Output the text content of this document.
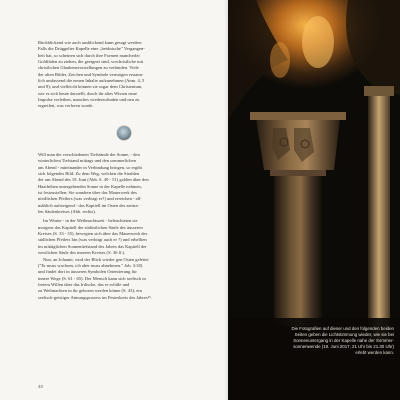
Rückblickend wie auch ausblickend kann gesagt werden:

Falls die Drüggelter Kapelle eine „heidnische" Vergangen-

heit hat, so scheinen sich durch ihre Formen mancherlei

Goldfäden zu ziehen, die geeignet sind, vorchristliche mit

christlichen Glaubensvorstellungen zu verbinden. Viele

der alten Bilder, Zeichen und Symbole vermögen erstaun-

lich umfassend die neuen Inhalte aufzunehmen (Anm. 4, 5

und 8); und vielleicht können sie sogar dem Christentum,

wie es sich heute darstellt, durch ihr altes Wissen neue

Impulse verleihen, manches wiederzufinden und neu zu

ergreifen, was verloren wurde.

Will man die verschiedenen Tiefstände der Sonne, - den

winterlichen Tiefstand mittags und den sommerlichen

am Abend - miteinander in Verbindung bringen, so ergibt

sich folgendes Bild: Zu dem Weg, welchen die Strahlen

der am Abend des 19. Juni (Abb. S. 49 - 51) golden über den

Haarhöhen untergehenden Sonne in der Kapelle nehmen,

ist festzustellen: Sie wandern über das Mauerwerk des

nördlichen Pfeilers (was verbirgt er?) und erreichen - all-

mählich aufsteigend - das Kapitell im Osten des zentra-

len Säulenkreises (Abb. rechts).

Im Winter - in der Weihnachtszeit - beleuchteten sie

morgens das Kapitell der südöstlichen Säule des äusseren

Kreises (S. 33 - 35), bewegten sich über das Mauerwerk des

südlichen Pfeilers hin (was verbirgt auch er ?) und erhellten

im mittäglichen Sonnentiefstand des Jahres das Kapitell der

westlichen Säule des inneren Kreises (S. 36 ff.).

Nun, an Johanni, wird der Blick wieder gen Osten geleitet

("Er muss wachsen, ich aber muss abnehmen." Joh. 3:30)

und findet dort in äusseren Symbolen Orientierung für

innere Wege (S. 61 - 65). Der Mensch kann sich seelisch in

freiem Willen über das Irdische, das er erfülle und

zu Weihnachten in ihr geboren werden könne (S. 43); ein

seelisch-geistiger Atmungsprozess im Festeskreis des Jahres²⁵.

40
Die Fotografien auf dieser und den folgenden beiden
Seiten geben die Lichtstimmung wieder, wie sie bei
Sonnenuntergang in der Kapelle nahe der Sommer-
sonnenwende (19. Juni 2017, 21 Uhr bis 21.30 Uhr)
erlebt werden kann.
